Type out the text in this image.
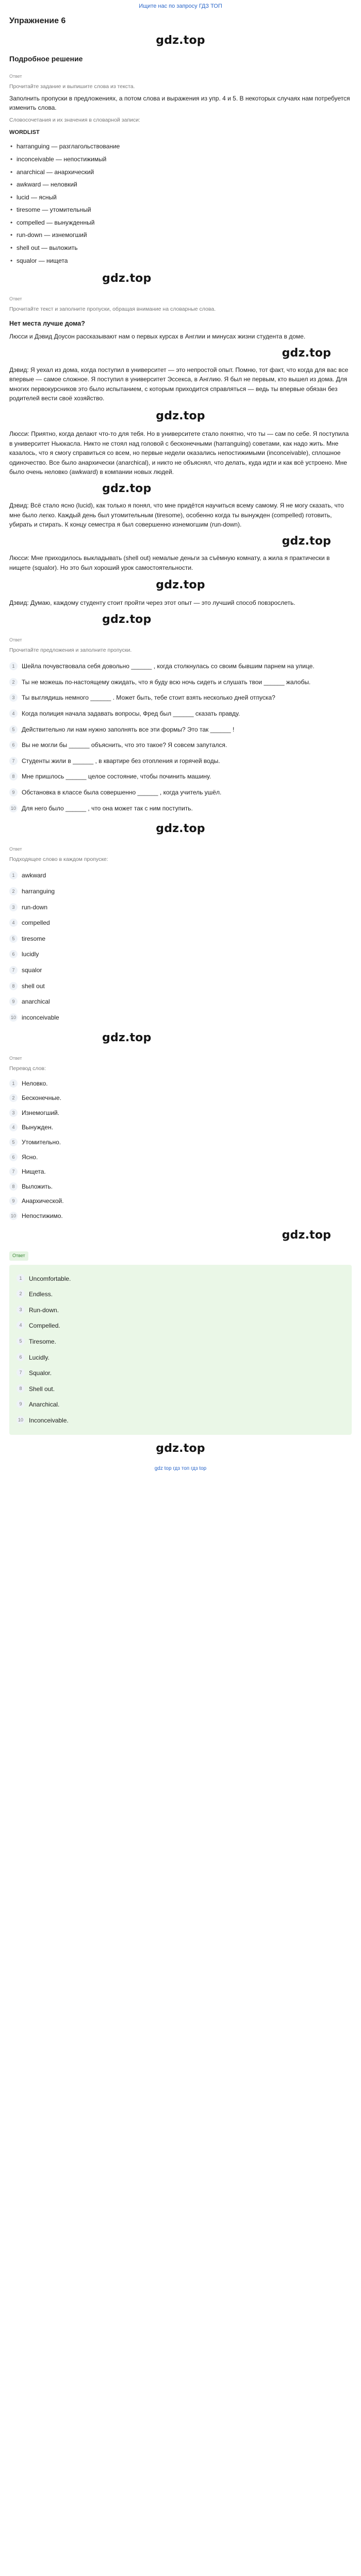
Ищите нас по запросу ГДЗ ТОП
Упражнение 6
gdz.top
Подробное решение
Ответ
Прочитайте задание и выпишите слова из текста.

Заполнить пропуски в предложениях, а потом слова и выражения из упр. 4 и 5. В некоторых случаях нам потребуется изменить слова.

Словосочетания и их значения в словарной записи:
WORDLIST
• harranguing — разглагольствование
• inconceivable — непостижимый
• anarchical — анархический
• awkward — неловкий
• lucid — ясный
• tiresome — утомительный
• compelled — вынужденный
• run-down — изнемогший
• shell out — выложить
• squalor — нищета
gdz.top
Ответ
Прочитайте текст и заполните пропуски, обращая внимание на словарные слова.
Нет места лучше дома?

Люсси и Дэвид Доусон рассказывают нам о первых курсах в Англии и минусах жизни студента в доме.

gdz.top

Дэвид: Я уехал из дома, когда поступил в университет — это непростой опыт. Помню, тот факт, что когда для вас все впервые — самое сложное. Я поступил в университет Эссекса, в Англию. Я был не первым, кто вышел из дома. Для многих первокурсников это было испытанием, с которым приходится справляться — ведь ты впервые обязан без родителей вести своё хозяйство.

gdz.top

Люсси: Приятно, когда делают что-то для тебя. Но в университете стало понятно, что ты — сам по себе. Я поступила в университет Ньюкасла. Никто не стоял над головой с бесконечными (harranguing) советами, как надо жить. Мне казалось, что я смогу справиться со всем, но первые недели оказались непостижимыми (inconceivable), сплошное одиночество. Все было анархически (anarchical), и никто не объяснял, что делать, куда идти и как всё устроено. Мне было очень неловко (awkward) в компании новых людей.

gdz.top

Дэвид: Всё стало ясно (lucid), как только я понял, что мне придётся научиться всему самому. Я не могу сказать, что мне было легко. Каждый день был утомительным (tiresome), особенно когда ты вынужден (compelled) готовить, убирать и стирать. К концу семестра я был совершенно изнемогшим (run-down).

gdz.top

Люсси: Мне приходилось выкладывать (shell out) немалые деньги за съёмную комнату, а жила я практически в нищете (squalor). Но это был хороший урок самостоятельности.

gdz.top

Дэвид: Думаю, каждому студенту стоит пройти через этот опыт — это лучший способ повзрослеть.

gdz.top
Ответ
Прочитайте предложения и заполните пропуски.
1	Шейла почувствовала себя довольно ______ , когда столкнулась со своим бывшим парнем на улице.
2	Ты не можешь по-настоящему ожидать, что я буду всю ночь сидеть и слушать твои ______ жалобы.
3	Ты выглядишь немного ______ . Может быть, тебе стоит взять несколько дней отпуска?
4	Когда полиция начала задавать вопросы, Фред был ______ сказать правду.
5	Действительно ли нам нужно заполнять все эти формы? Это так ______ !
6	Вы не могли бы ______ объяснить, что это такое? Я совсем запутался.
7	Студенты жили в ______ , в квартире без отопления и горячей воды.
8	Мне пришлось ______ целое состояние, чтобы починить машину.
9	Обстановка в классе была совершенно ______ , когда учитель ушёл.
10 Для него было ______ , что она может так с ним поступить.
gdz.top
Ответ
Подходящее слово в каждом пропуске:
1	awkward
2	harranguing
3	run-down
4	compelled
5	tiresome
6	lucidly
7	squalor
8	shell out
9	anarchical
10 inconceivable
gdz.top
Ответ
Перевод слов:
1	Неловко.
2	Бесконечные.
3	Изнемогший.
4	Вынужден.
5	Утомительно.
6	Ясно.
7	Нищета.
8	Выложить.
9	Анархической.
10 Непостижимо.
gdz.top
Ответ
1	Uncomfortable.
2	Endless.
3	Run-down.
4	Compelled.
5	Tiresome.
6	Lucidly.
7	Squalor.
8	Shell out.
9	Anarchical.
10 Inconceivable.
gdz.top
gdz top гдз топ гдз top
